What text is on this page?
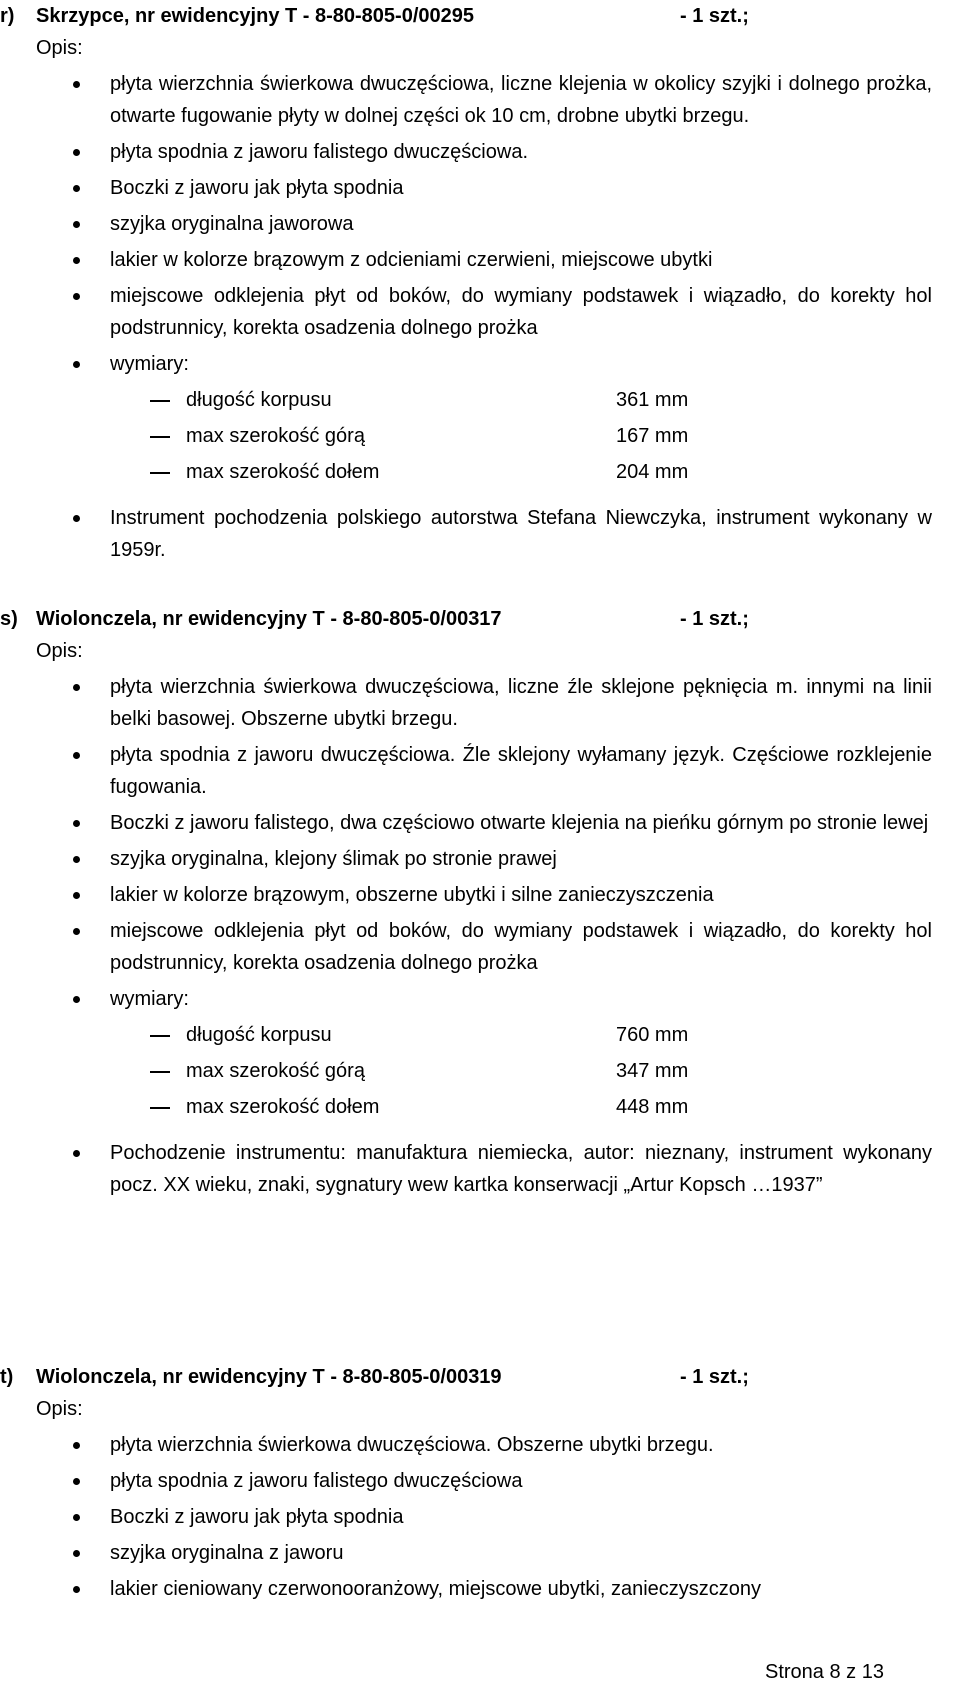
r) Skrzypce, nr ewidencyjny T - 8-80-805-0/00295	- 1 szt.;
Opis:
płyta wierzchnia świerkowa dwuczęściowa, liczne klejenia w okolicy szyjki i dolnego prożka, otwarte fugowanie płyty w dolnej części ok 10 cm, drobne ubytki brzegu.
płyta spodnia z jaworu falistego dwuczęściowa.
Boczki z jaworu jak płyta spodnia
szyjka oryginalna jaworowa
lakier w kolorze brązowym z odcieniami czerwieni, miejscowe ubytki
miejscowe odklejenia płyt od boków, do wymiany podstawek i wiązadło, do korekty hol podstrunnicy, korekta osadzenia dolnego prożka
wymiary:
długość korpusu	361 mm
max szerokość górą	167 mm
max szerokość dołem	204 mm
Instrument pochodzenia polskiego autorstwa Stefana Niewczyka, instrument wykonany w 1959r.
s) Wiolonczela, nr ewidencyjny T - 8-80-805-0/00317	- 1 szt.;
Opis:
płyta wierzchnia świerkowa dwuczęściowa, liczne źle sklejone pęknięcia m. innymi na linii belki basowej. Obszerne ubytki brzegu.
płyta spodnia z jaworu dwuczęściowa. Źle sklejony wyłamany język. Częściowe rozklejenie fugowania.
Boczki z jaworu falistego, dwa częściowo otwarte klejenia na pieńku górnym po stronie lewej
szyjka oryginalna, klejony ślimak po stronie prawej
lakier w kolorze brązowym, obszerne ubytki i silne zanieczyszczenia
miejscowe odklejenia płyt od boków, do wymiany podstawek i wiązadło, do korekty hol podstrunnicy, korekta osadzenia dolnego prożka
wymiary:
długość korpusu	760 mm
max szerokość górą	347 mm
max szerokość dołem	448 mm
Pochodzenie instrumentu: manufaktura niemiecka, autor: nieznany, instrument wykonany pocz. XX wieku, znaki, sygnatury wew kartka konserwacji „Artur Kopsch …1937”
t) Wiolonczela, nr ewidencyjny T - 8-80-805-0/00319	- 1 szt.;
Opis:
płyta wierzchnia świerkowa dwuczęściowa. Obszerne ubytki brzegu.
płyta spodnia z jaworu falistego dwuczęściowa
Boczki z jaworu jak płyta spodnia
szyjka oryginalna z jaworu
lakier cieniowany czerwonooranżowy, miejscowe ubytki, zanieczyszczony
Strona 8 z 13
